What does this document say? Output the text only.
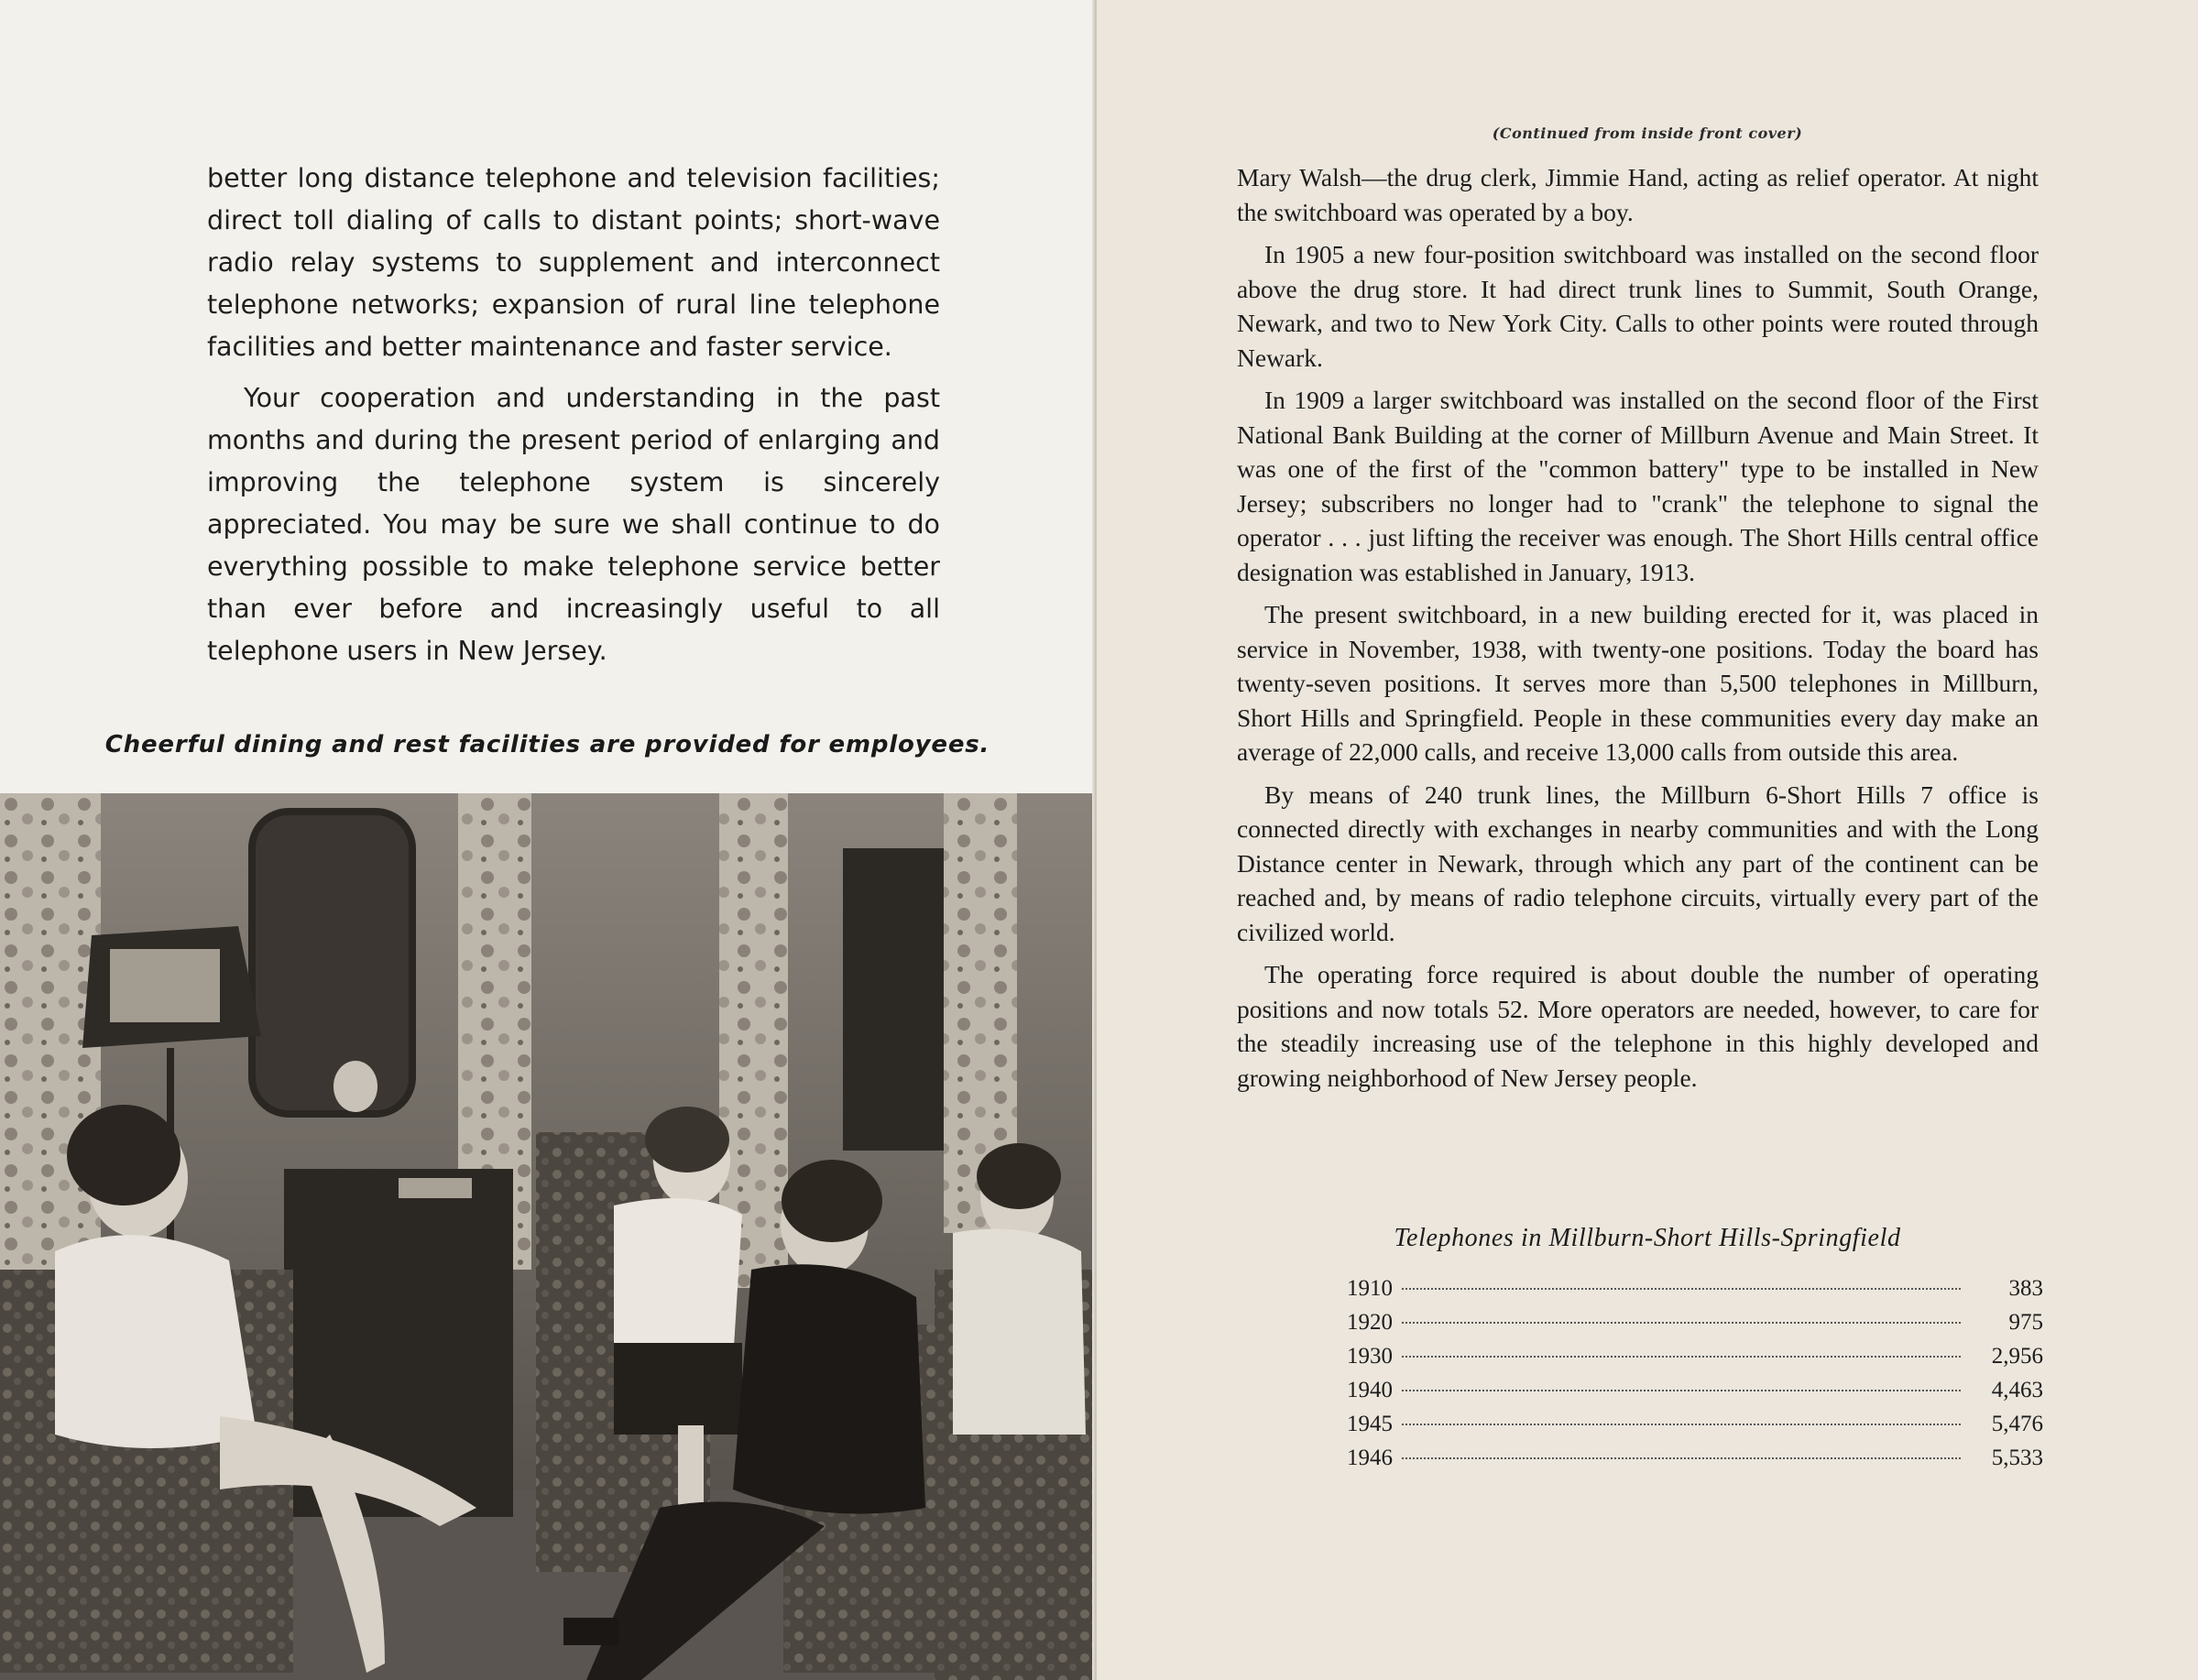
better long distance telephone and television facilities; direct toll dialing of calls to distant points; short-wave radio relay systems to supplement and interconnect telephone networks; expansion of rural line telephone facilities and better maintenance and faster service.

Your cooperation and understanding in the past months and during the present period of enlarging and improving the telephone system is sincerely appreciated. You may be sure we shall continue to do everything possible to make telephone service better than ever before and increasingly useful to all telephone users in New Jersey.

Cheerful dining and rest facilities are provided for employees.
(Continued from inside front cover)

Mary Walsh—the drug clerk, Jimmie Hand, acting as relief operator. At night the switchboard was operated by a boy.

In 1905 a new four-position switchboard was installed on the second floor above the drug store. It had direct trunk lines to Summit, South Orange, Newark, and two to New York City. Calls to other points were routed through Newark.

In 1909 a larger switchboard was installed on the second floor of the First National Bank Building at the corner of Millburn Avenue and Main Street. It was one of the first of the "common battery" type to be installed in New Jersey; subscribers no longer had to "crank" the telephone to signal the operator . . . just lifting the receiver was enough. The Short Hills central office designation was established in January, 1913.

The present switchboard, in a new building erected for it, was placed in service in November, 1938, with twenty-one positions. Today the board has twenty-seven positions. It serves more than 5,500 telephones in Millburn, Short Hills and Springfield. People in these communities every day make an average of 22,000 calls, and receive 13,000 calls from outside this area.

By means of 240 trunk lines, the Millburn 6-Short Hills 7 office is connected directly with exchanges in nearby communities and with the Long Distance center in Newark, through which any part of the continent can be reached and, by means of radio telephone circuits, virtually every part of the civilized world.

The operating force required is about double the number of operating positions and now totals 52. More operators are needed, however, to care for the steadily increasing use of the telephone in this highly developed and growing neighborhood of New Jersey people.

Telephones in Millburn-Short Hills-Springfield
1910	383
1920	975
1930	2,956
1940	4,463
1945	5,476
1946	5,533
